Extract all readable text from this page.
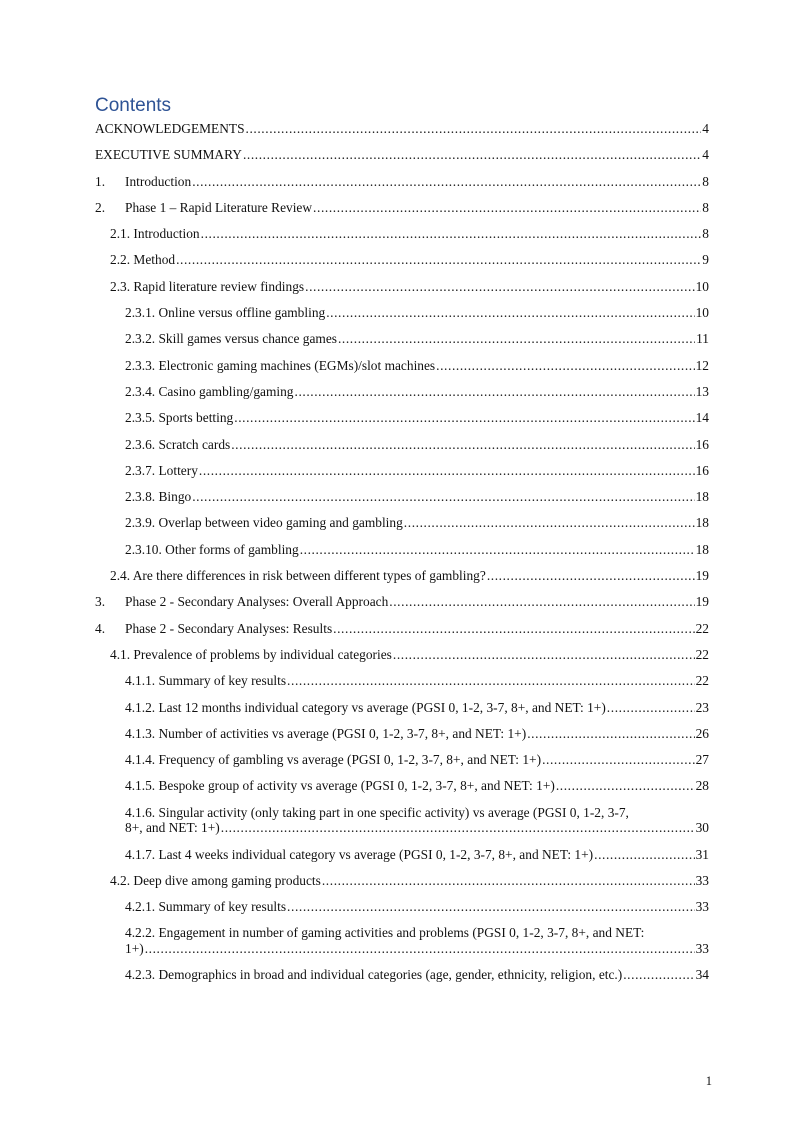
Contents
ACKNOWLEDGEMENTS .....	4
EXECUTIVE SUMMARY .....	4
1.	Introduction .....	8
2.	Phase 1 – Rapid Literature Review .....	8
2.1. Introduction .....	8
2.2. Method .....	9
2.3. Rapid literature review findings .....	10
2.3.1. Online versus offline gambling .....	10
2.3.2. Skill games versus chance games .....	11
2.3.3. Electronic gaming machines (EGMs)/slot machines .....	12
2.3.4. Casino gambling/gaming .....	13
2.3.5. Sports betting .....	14
2.3.6. Scratch cards .....	16
2.3.7. Lottery .....	16
2.3.8. Bingo .....	18
2.3.9. Overlap between video gaming and gambling .....	18
2.3.10. Other forms of gambling .....	18
2.4. Are there differences in risk between different types of gambling? .....	19
3.	Phase 2 - Secondary Analyses: Overall Approach .....	19
4.	Phase 2 - Secondary Analyses: Results .....	22
4.1. Prevalence of problems by individual categories .....	22
4.1.1. Summary of key results .....	22
4.1.2. Last 12 months individual category vs average (PGSI 0, 1-2, 3-7, 8+, and NET: 1+) .....	23
4.1.3. Number of activities vs average (PGSI 0, 1-2, 3-7, 8+, and NET: 1+) .....	26
4.1.4. Frequency of gambling vs average (PGSI 0, 1-2, 3-7, 8+, and NET: 1+) .....	27
4.1.5. Bespoke group of activity vs average (PGSI 0, 1-2, 3-7, 8+, and NET: 1+) .....	28
4.1.6. Singular activity (only taking part in one specific activity) vs average (PGSI 0, 1-2, 3-7,
8+, and NET: 1+) .....	30
4.1.7. Last 4 weeks individual category vs average (PGSI 0, 1-2, 3-7, 8+, and NET: 1+) .....	31
4.2. Deep dive among gaming products .....	33
4.2.1. Summary of key results .....	33
4.2.2. Engagement in number of gaming activities and problems (PGSI 0, 1-2, 3-7, 8+, and NET:
1+) .....	33
4.2.3. Demographics in broad and individual categories (age, gender, ethnicity, religion, etc.) .....	34
1
